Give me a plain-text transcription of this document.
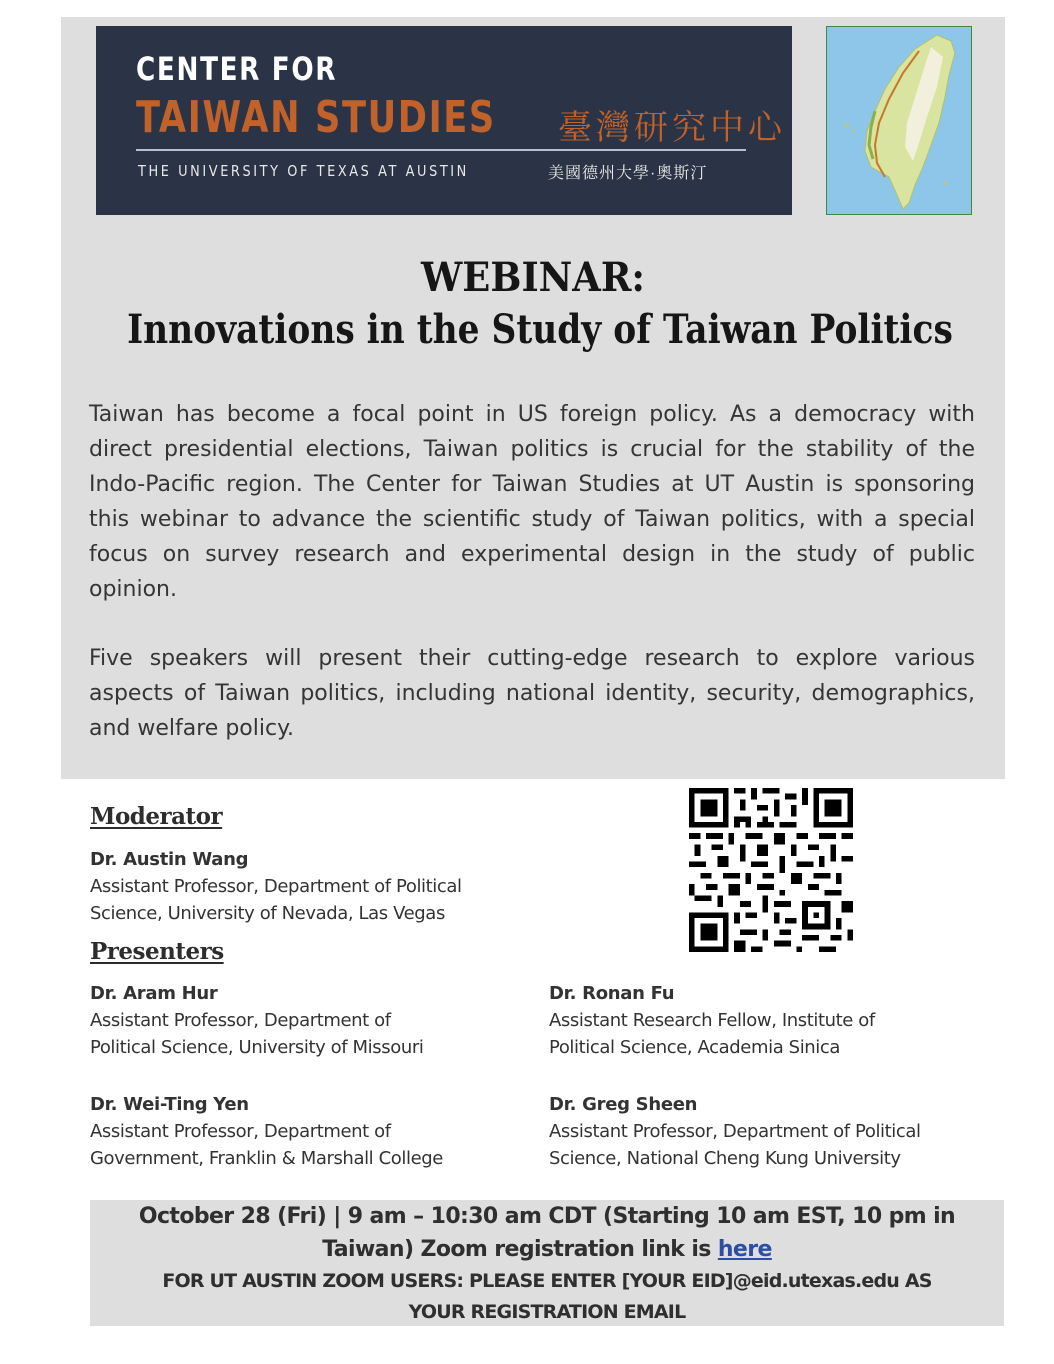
CENTER FOR
TAIWAN STUDIES 臺灣研究中心
THE UNIVERSITY OF TEXAS AT AUSTIN	美國德州大學·奧斯汀
WEBINAR:
Innovations in the Study of Taiwan Politics
Taiwan has become a focal point in US foreign policy. As a democracy with direct presidential elections, Taiwan politics is crucial for the stability of the Indo-Pacific region. The Center for Taiwan Studies at UT Austin is sponsoring this webinar to advance the scientific study of Taiwan politics, with a special focus on survey research and experimental design in the study of public opinion.
Five speakers will present their cutting-edge research to explore various aspects of Taiwan politics, including national identity, security, demographics, and welfare policy.
Moderator
Dr. Austin Wang
Assistant Professor, Department of Political
Science, University of Nevada, Las Vegas
Presenters
Dr. Aram Hur
Assistant Professor, Department of
Political Science, University of Missouri
Dr. Ronan Fu
Assistant Research Fellow, Institute of
Political Science, Academia Sinica
Dr. Wei-Ting Yen
Assistant Professor, Department of
Government, Franklin & Marshall College
Dr. Greg Sheen
Assistant Professor, Department of Political
Science, National Cheng Kung University
October 28 (Fri) | 9 am – 10:30 am CDT (Starting 10 am EST, 10 pm in
Taiwan) Zoom registration link is here
FOR UT AUSTIN ZOOM USERS: PLEASE ENTER [YOUR EID]@eid.utexas.edu AS
YOUR REGISTRATION EMAIL
